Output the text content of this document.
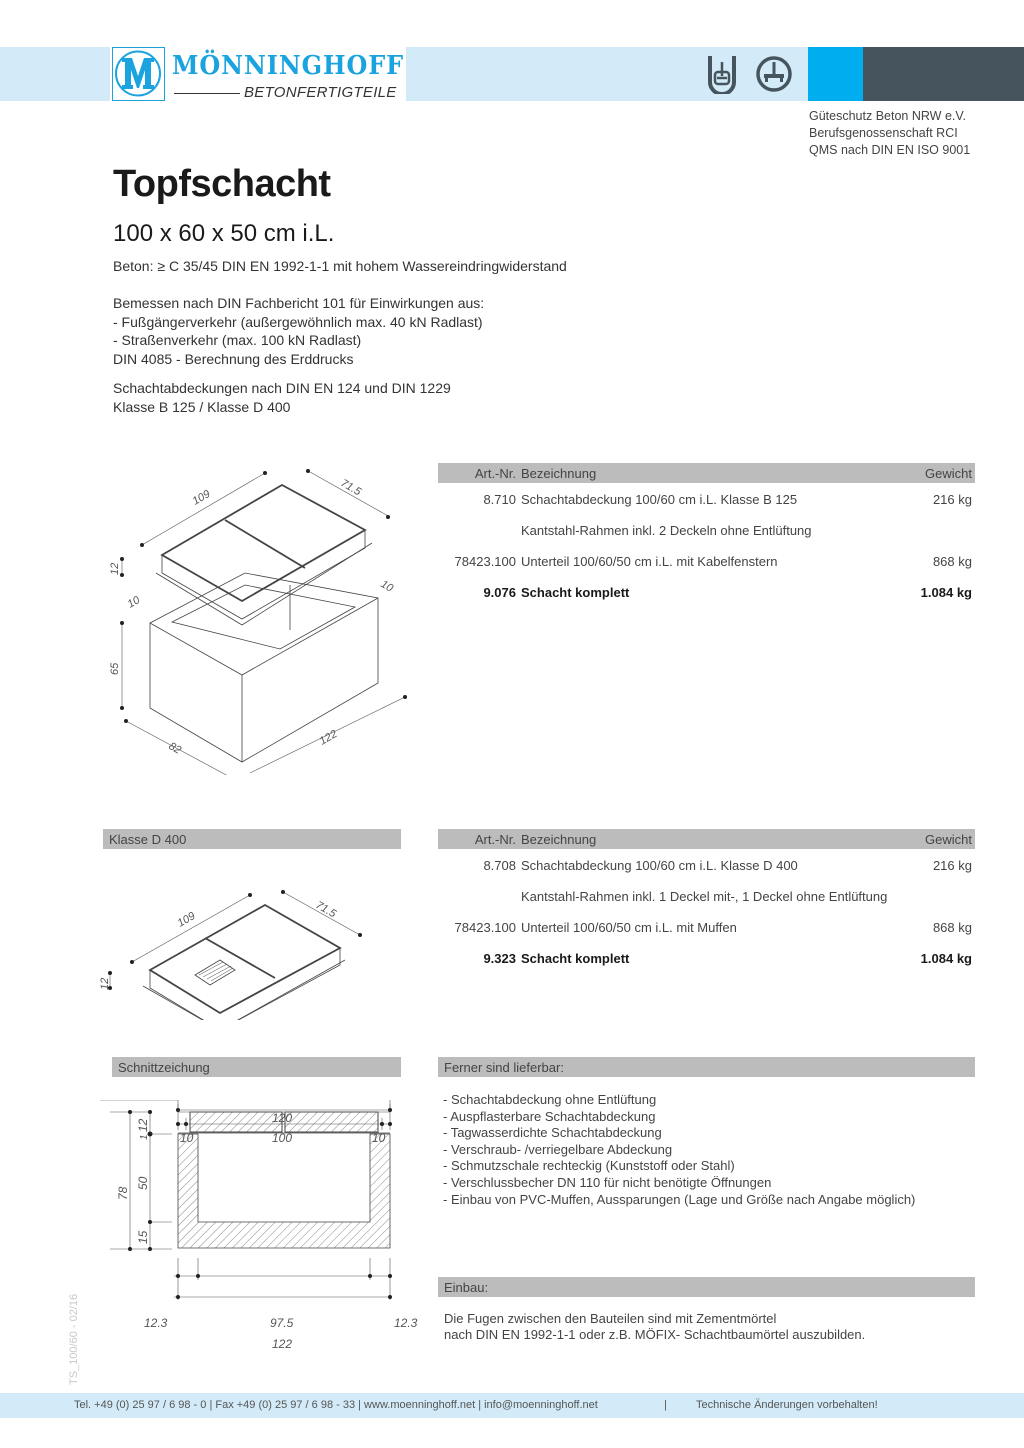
MÖNNINGHOFF
BETONFERTIGTEILE
Güteschutz Beton NRW e.V.
Berufsgenossenschaft RCI
QMS nach DIN EN ISO 9001
Topfschacht
100 x 60 x 50 cm i.L.
Beton: ≥ C 35/45 DIN EN 1992-1-1 mit hohem Wassereindringwiderstand
Bemessen nach DIN Fachbericht 101 für Einwirkungen aus:
- Fußgängerverkehr (außergewöhnlich max. 40 kN Radlast)
- Straßenverkehr (max. 100 kN Radlast)
DIN 4085 - Berechnung des Erddrucks
Schachtabdeckungen nach DIN EN 124 und DIN 1229
Klasse B 125 / Klasse D 400
109	71.5
12
10
10
65
82
122
Art.-Nr. Bezeichnung	Gewicht
8.710 Schachtabdeckung 100/60 cm i.L. Klasse B 125	216 kg
Kantstahl-Rahmen inkl. 2 Deckeln ohne Entlüftung
78423.100 Unterteil 100/60/50 cm i.L. mit Kabelfenstern	868 kg
9.076 Schacht komplett	1.084 kg
Klasse D 400
109	71.5
12
Art.-Nr. Bezeichnung	Gewicht
8.708 Schachtabdeckung 100/60 cm i.L. Klasse D 400	216 kg
Kantstahl-Rahmen inkl. 1 Deckel mit-, 1 Deckel ohne Entlüftung
78423.100 Unterteil 100/60/50 cm i.L. mit Muffen	868 kg
9.323 Schacht komplett	1.084 kg
Schnittzeichung
120
10	100	10
78
12
1
50
15
12.3	97.5	12.3
122
Ferner sind lieferbar:
- Schachtabdeckung ohne Entlüftung
- Auspflasterbare Schachtabdeckung
- Tagwasserdichte Schachtabdeckung
- Verschraub- /verriegelbare Abdeckung
- Schmutzschale rechteckig (Kunststoff oder Stahl)
- Verschlussbecher DN 110 für nicht benötigte Öffnungen
- Einbau von PVC-Muffen, Aussparungen (Lage und Größe nach Angabe möglich)
Einbau:
Die Fugen zwischen den Bauteilen sind mit Zementmörtel
nach DIN EN 1992-1-1 oder z.B. MÖFIX- Schachtbaumörtel auszubilden.
TS_100/60 - 02/16
Tel. +49 (0) 25 97 / 6 98 - 0 | Fax +49 (0) 25 97 / 6 98 - 33 | www.moenninghoff.net | info@moenninghoff.net	|	Technische Änderungen vorbehalten!
